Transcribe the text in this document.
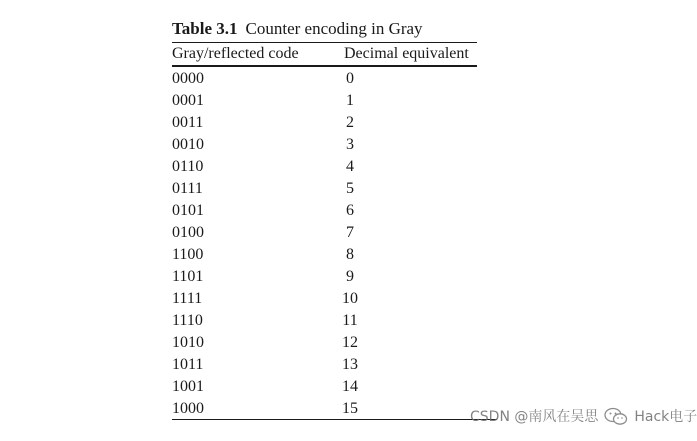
Table 3.1 Counter encoding in Gray
Gray/reflected code	Decimal equivalent
0000	0
0001	1
0011	2
0010	3
0110	4
0111	5
0101	6
0100	7
1100	8
1101	9
1111	10
1110	11
1010	12
1011	13
1001	14
1000	15	CSDN @南风在吴思	Hack电子
